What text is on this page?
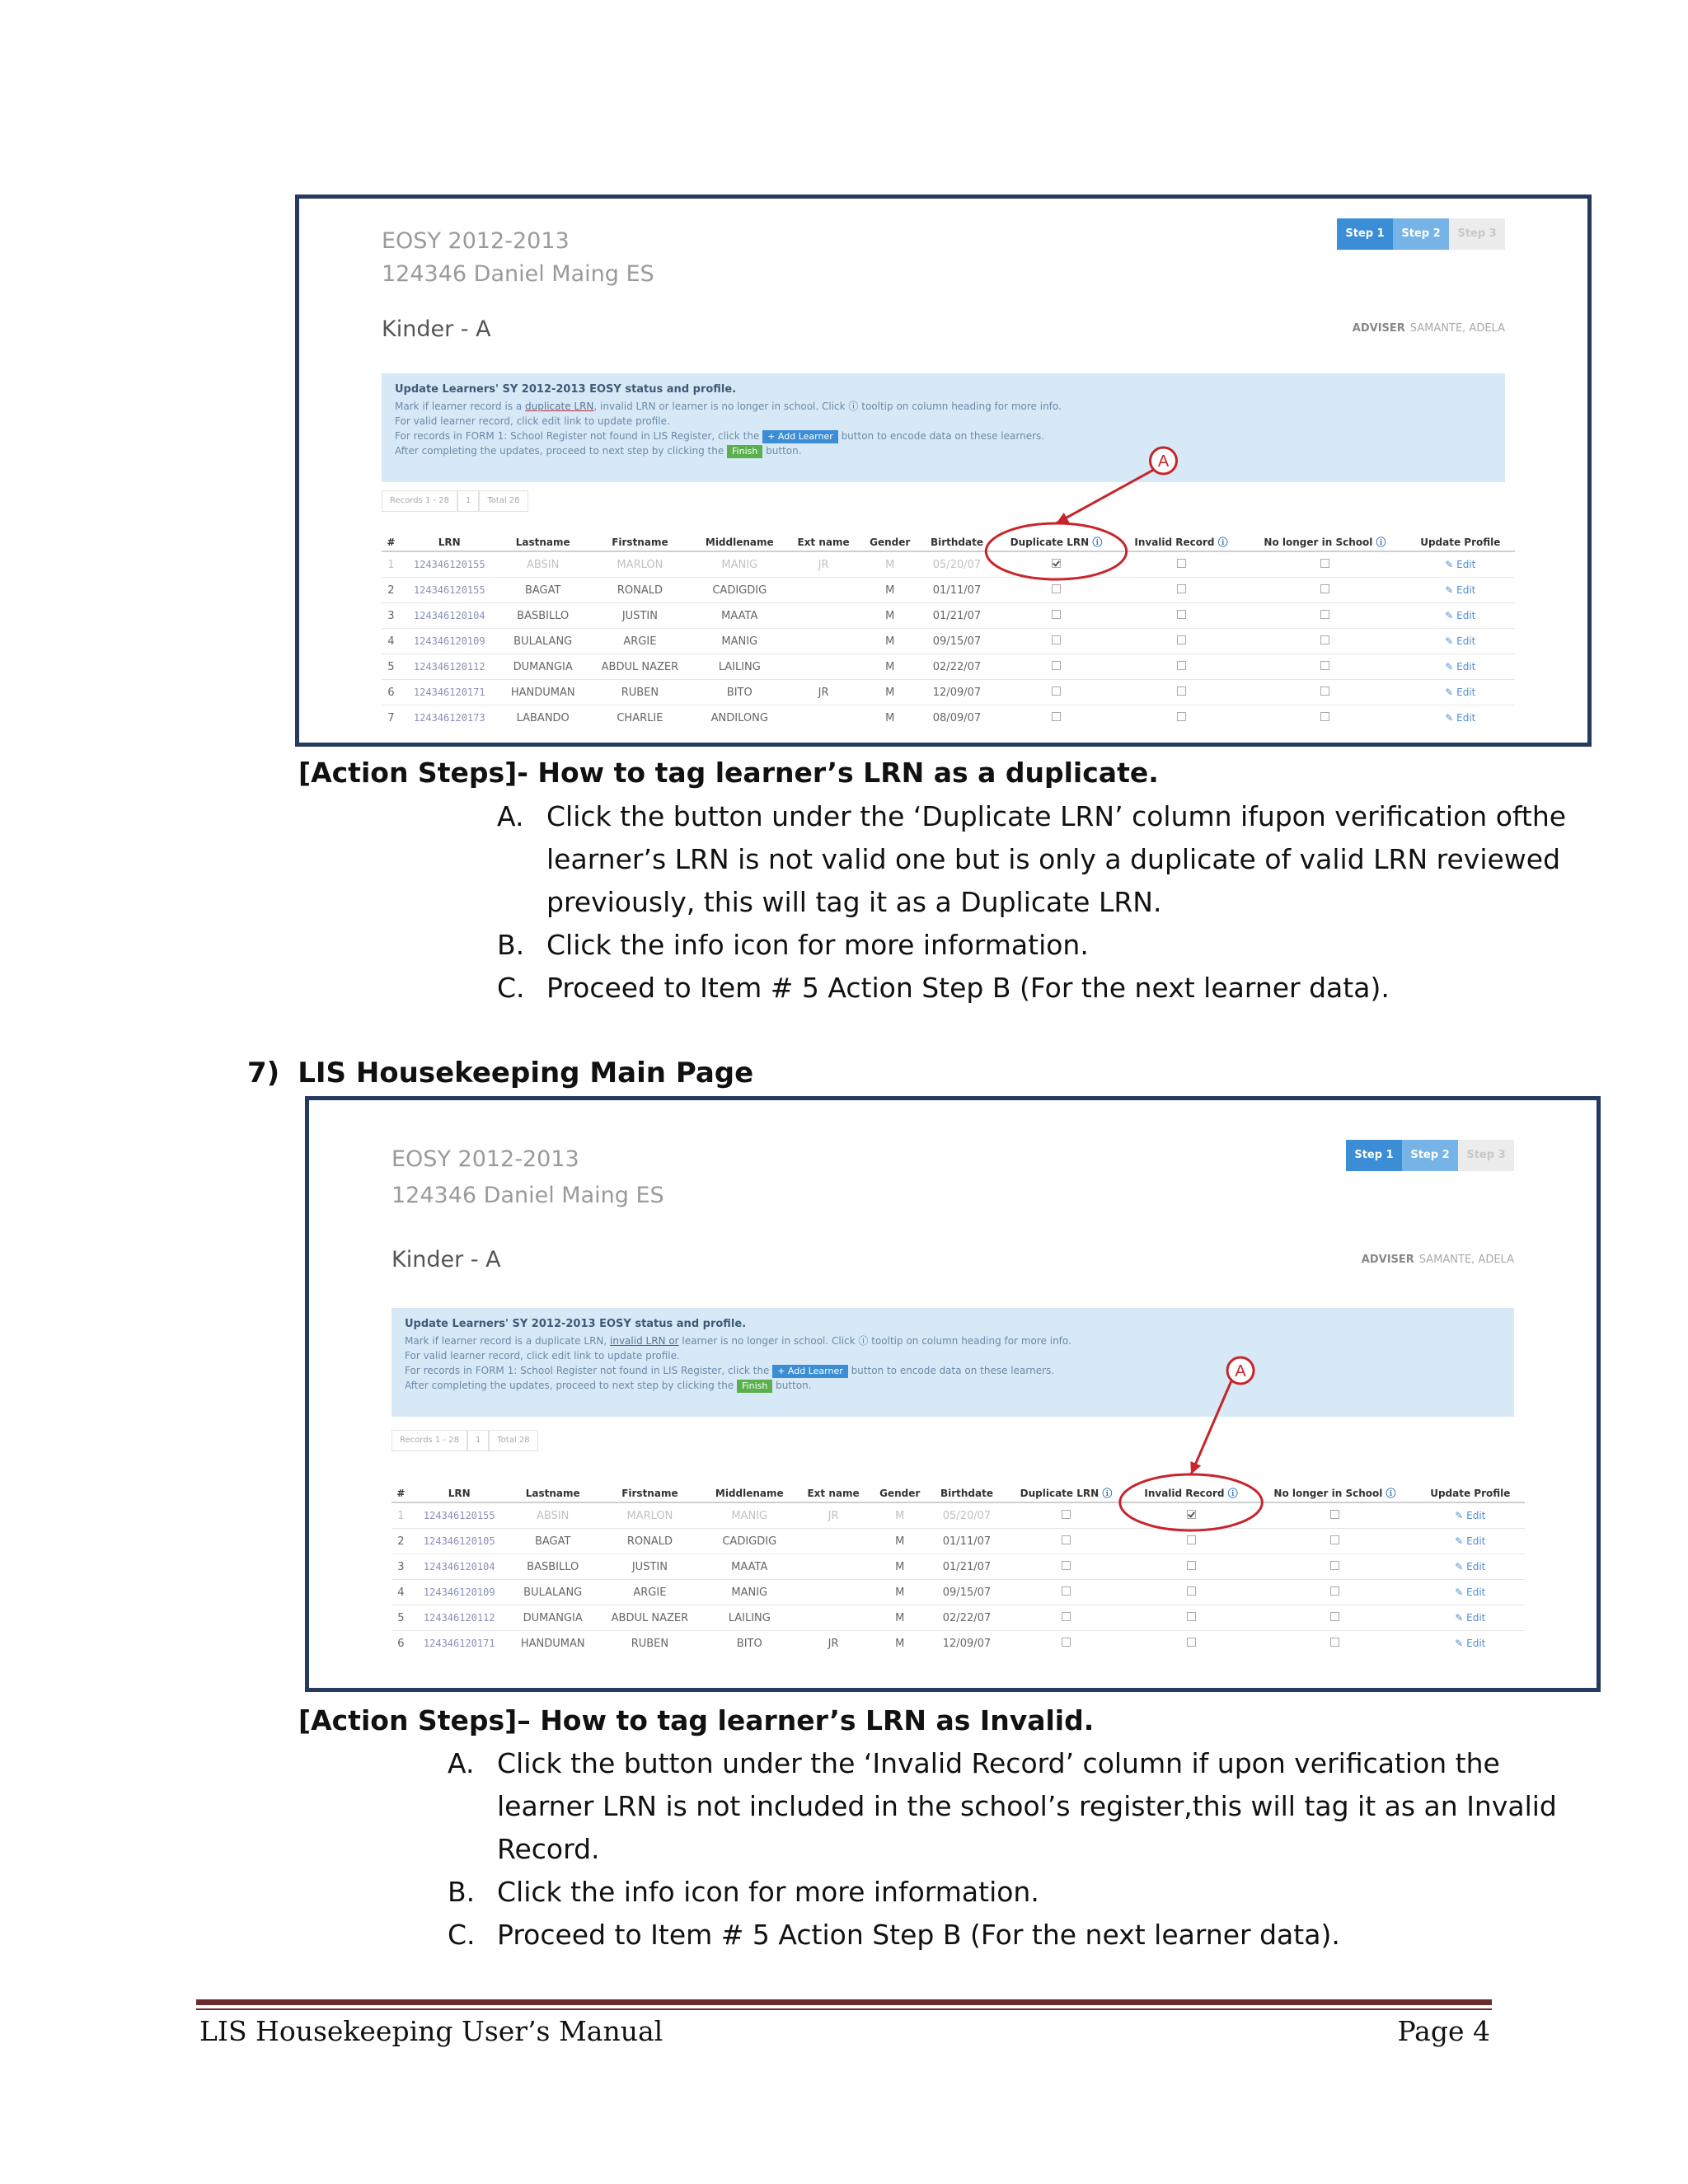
EOSY 2012-2013
124346 Daniel Maing ES
Kinder - A
Step 1	Step 2	Step 3
ADVISER SAMANTE, ADELA
Update Learners' SY 2012-2013 EOSY status and profile.
Mark if learner record is a duplicate LRN, invalid LRN or learner is no longer in school. Click ⓘ tooltip on column heading for more info.
For valid learner record, click edit link to update profile.
For records in FORM 1: School Register not found in LIS Register, click the + Add Learner button to encode data on these learners.
After completing the updates, proceed to next step by clicking the Finish button.
Records 1 - 28	1	Total 28
#	LRN	Lastname	Firstname	Middlename	Ext name	Gender	Birthdate	Duplicate LRN ⓘ	Invalid Record ⓘ	No longer in School ⓘ	Update Profile
1	124346120155	ABSIN	MARLON	MANIG	JR	M	05/20/07				✎ Edit
2	124346120155	BAGAT	RONALD	CADIGDIG		M	01/11/07				✎ Edit
3	124346120104	BASBILLO	JUSTIN	MAATA		M	01/21/07				✎ Edit
4	124346120109	BULALANG	ARGIE	MANIG		M	09/15/07				✎ Edit
5	124346120112	DUMANGIA	ABDUL NAZER	LAILING		M	02/22/07				✎ Edit
6	124346120171	HANDUMAN	RUBEN	BITO	JR	M	12/09/07				✎ Edit
7	124346120173	LABANDO	CHARLIE	ANDILONG		M	08/09/07				✎ Edit
A
[Action Steps]- How to tag learner’s LRN as a duplicate.
A. Click the button under the ‘Duplicate LRN’ column ifupon verification ofthe
learner’s LRN is not valid one but is only a duplicate of valid LRN reviewed
previously, this will tag it as a Duplicate LRN.
B. Click the info icon for more information.
C. Proceed to Item # 5 Action Step B (For the next learner data).
7) LIS Housekeeping Main Page
EOSY 2012-2013
124346 Daniel Maing ES
Kinder - A
Step 1	Step 2	Step 3
ADVISER SAMANTE, ADELA
Update Learners' SY 2012-2013 EOSY status and profile.
Mark if learner record is a duplicate LRN, invalid LRN or learner is no longer in school. Click ⓘ tooltip on column heading for more info.
For valid learner record, click edit link to update profile.
For records in FORM 1: School Register not found in LIS Register, click the + Add Learner button to encode data on these learners.
After completing the updates, proceed to next step by clicking the Finish button.
Records 1 - 28	1	Total 28
#	LRN	Lastname	Firstname	Middlename	Ext name	Gender	Birthdate	Duplicate LRN ⓘ	Invalid Record ⓘ	No longer in School ⓘ	Update Profile
1	124346120155	ABSIN	MARLON	MANIG	JR	M	05/20/07				✎ Edit
2	124346120105	BAGAT	RONALD	CADIGDIG		M	01/11/07				✎ Edit
3	124346120104	BASBILLO	JUSTIN	MAATA		M	01/21/07				✎ Edit
4	124346120109	BULALANG	ARGIE	MANIG		M	09/15/07				✎ Edit
5	124346120112	DUMANGIA	ABDUL NAZER	LAILING		M	02/22/07				✎ Edit
6	124346120171	HANDUMAN	RUBEN	BITO	JR	M	12/09/07				✎ Edit
A
[Action Steps]– How to tag learner’s LRN as Invalid.
A. Click the button under the ‘Invalid Record’ column if upon verification the
learner LRN is not included in the school’s register,this will tag it as an Invalid
Record.
B. Click the info icon for more information.
C. Proceed to Item # 5 Action Step B (For the next learner data).
LIS Housekeeping User’s Manual	Page 4
